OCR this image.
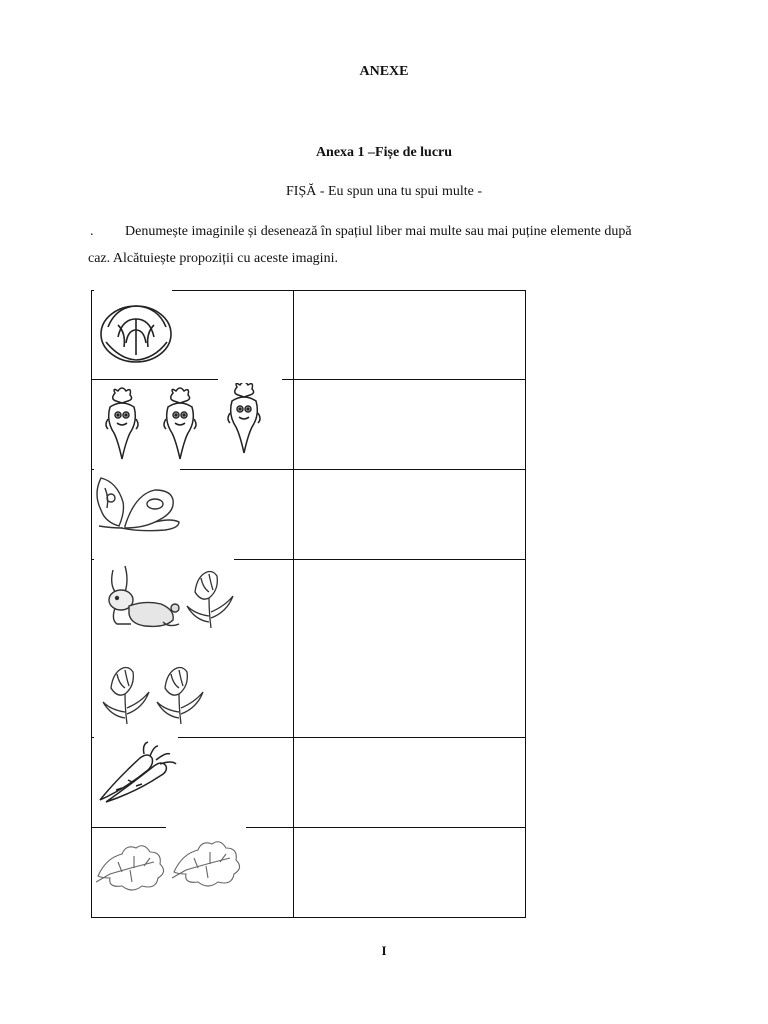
ANEXE
Anexa 1 –Fișe de lucru
FIȘĂ - Eu spun una tu spui multe -
. Denumește imaginile și desenează în spațiul liber mai multe sau mai puține elemente după
caz. Alcătuiește propoziții cu aceste imagini.

I
